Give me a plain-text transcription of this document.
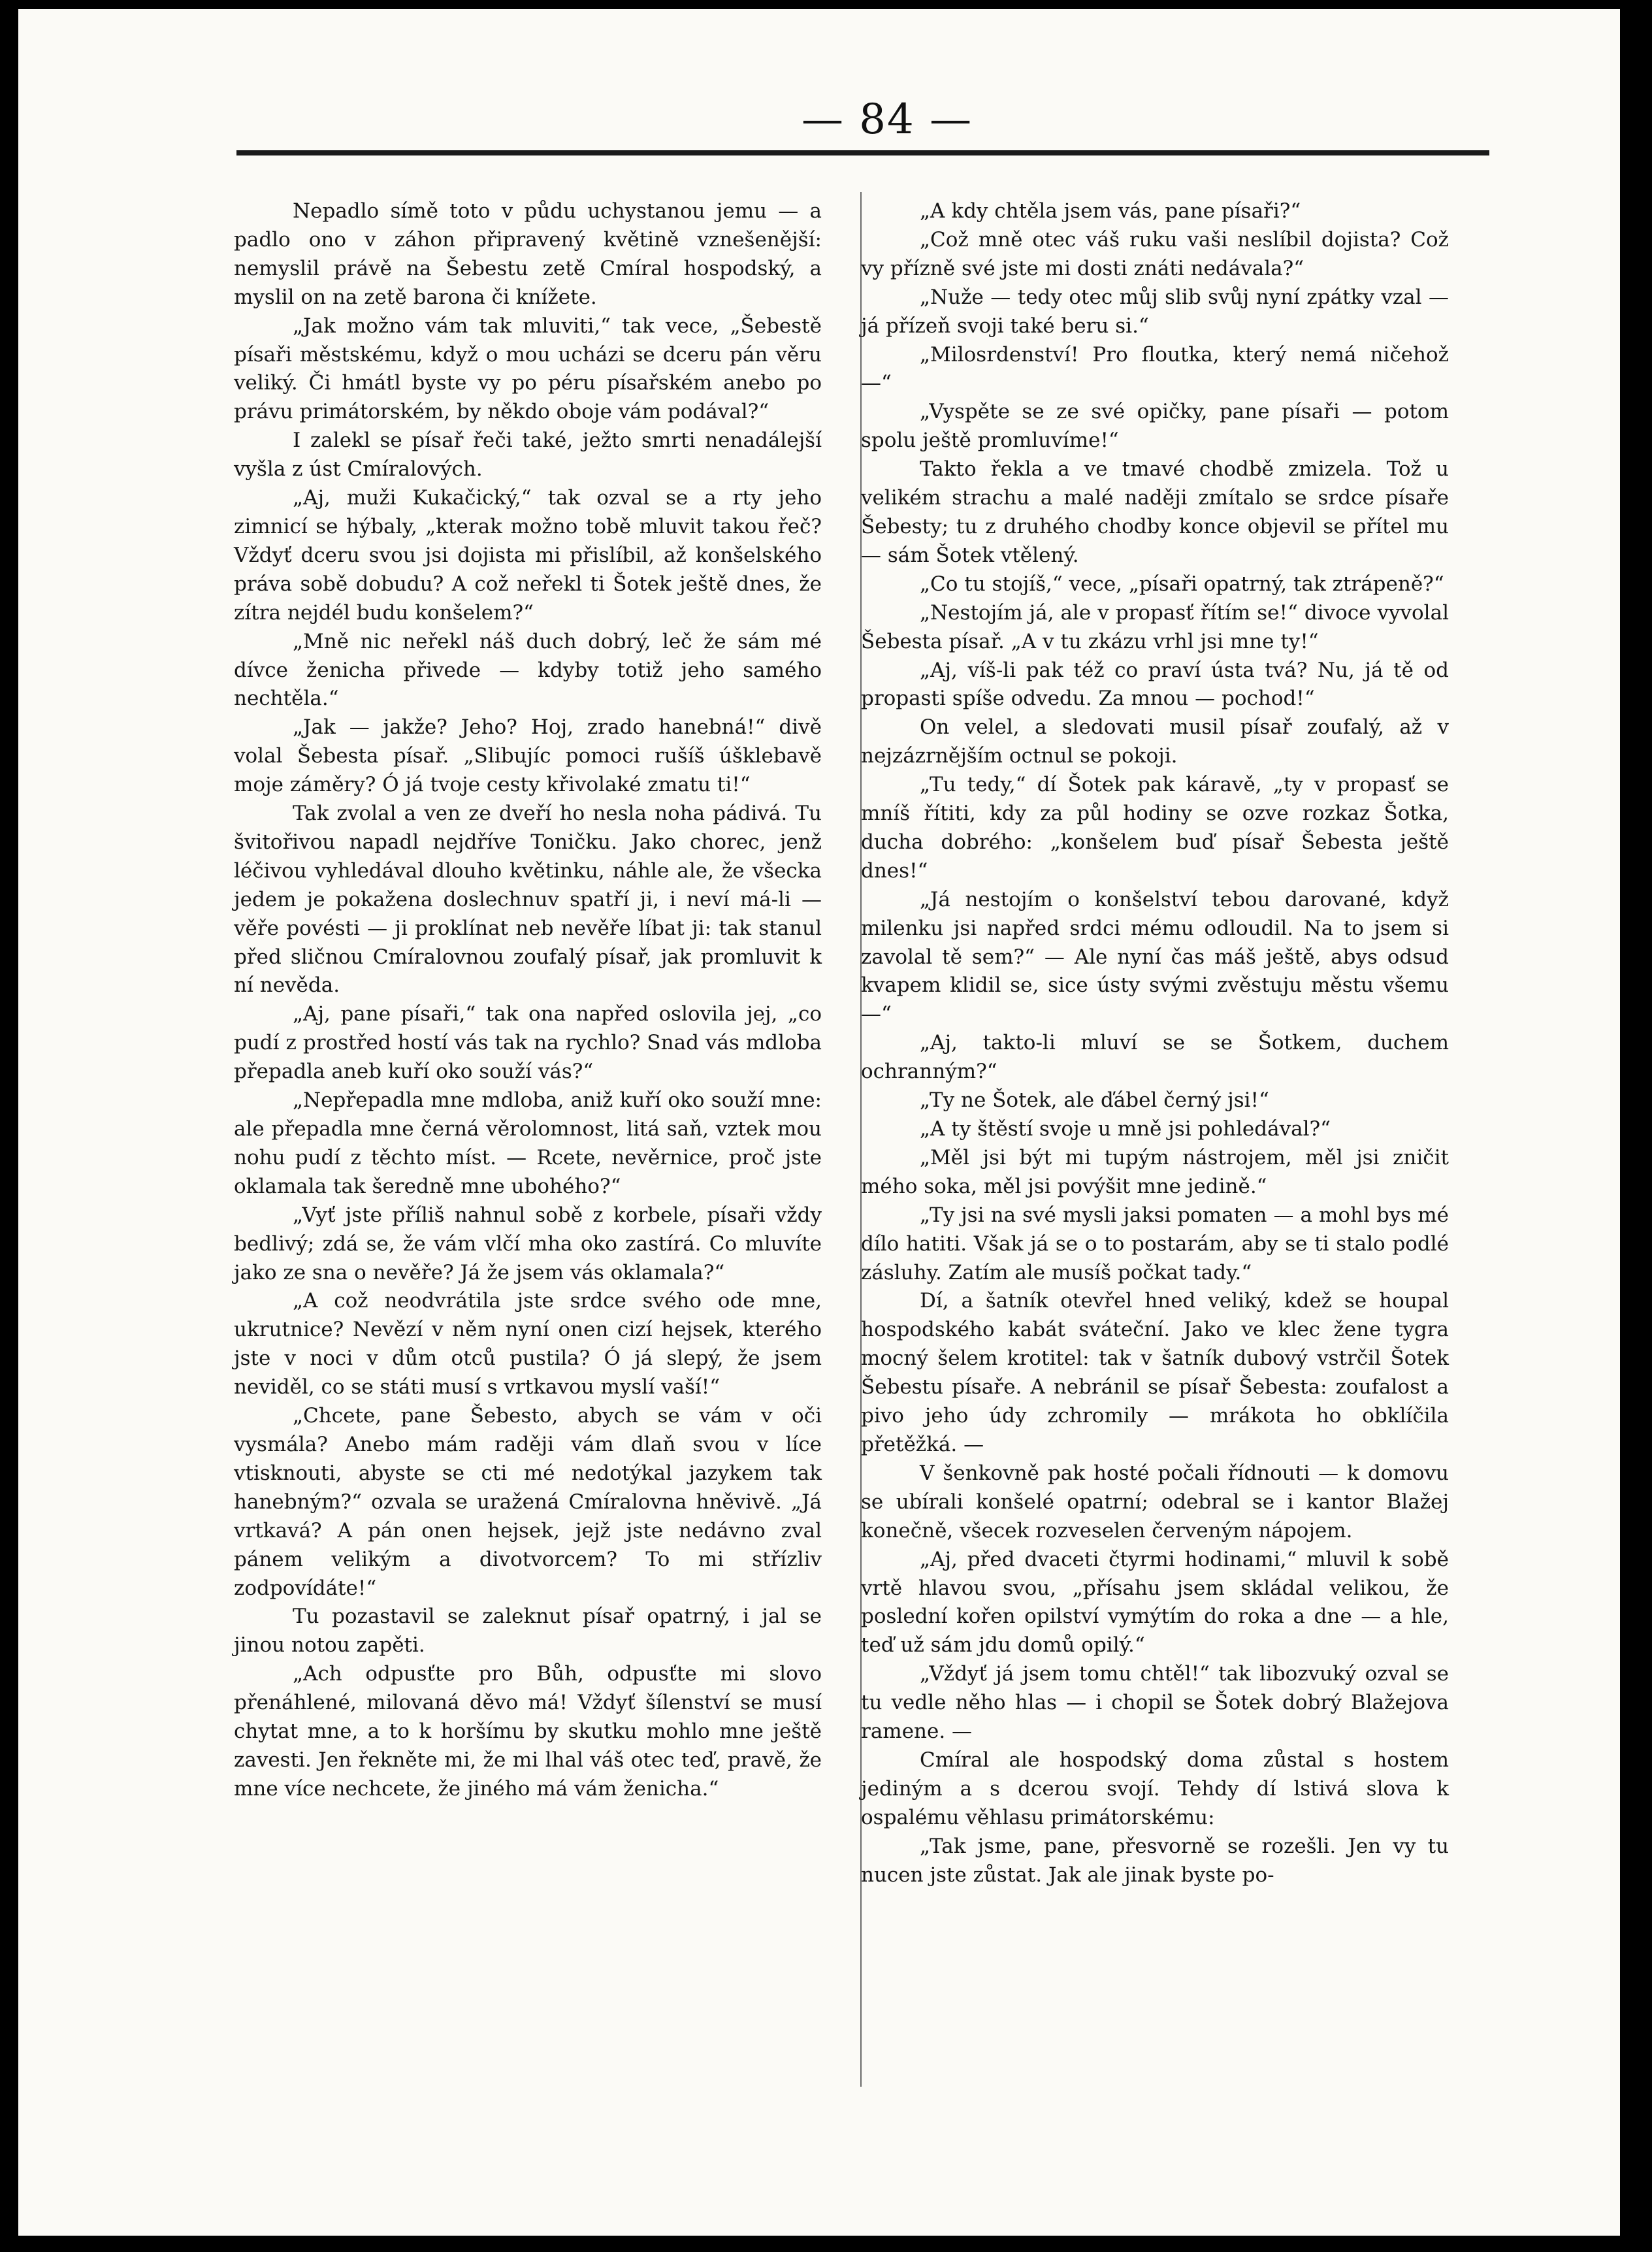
— 84 —

Nepadlo símě toto v půdu uchystanou jemu — a padlo ono v záhon připravený květině vznešenější: nemyslil právě na Šebestu zetě Cmíral hospodský, a myslil on na zetě barona či knížete.

„Jak možno vám tak mluviti,“ tak vece, „Šebestě písaři městskému, když o mou ucházi se dceru pán věru veliký. Či hmátl byste vy po péru písařském anebo po právu primátorském, by někdo oboje vám podával?“

I zalekl se písař řeči také, ježto smrti nenadálejší vyšla z úst Cmíralových.

„Aj, muži Kukačický,“ tak ozval se a rty jeho zimnicí se hýbaly, „kterak možno tobě mluvit takou řeč? Vždyť dceru svou jsi dojista mi přislíbil, až konšelského práva sobě dobudu? A což neřekl ti Šotek ještě dnes, že zítra nejdél budu konšelem?“

„Mně nic neřekl náš duch dobrý, leč že sám mé dívce ženicha přivede — kdyby totiž jeho samého nechtěla.“

„Jak — jakže? Jeho? Hoj, zrado hanebná!“ divě volal Šebesta písař. „Slibujíc pomoci rušíš úšklebavě moje záměry? Ó já tvoje cesty křivolaké zmatu ti!“

Tak zvolal a ven ze dveří ho nesla noha pádivá. Tu švitořivou napadl nejdříve Toničku. Jako chorec, jenž léčivou vyhledával dlouho květinku, náhle ale, že všecka jedem je pokažena doslechnuv spatří ji, i neví má-li — věře povésti — ji proklínat neb nevěře líbat ji: tak stanul před sličnou Cmíralovnou zoufalý písař, jak promluvit k ní nevěda.

„Aj, pane písaři,“ tak ona napřed oslovila jej, „co pudí z prostřed hostí vás tak na rychlo? Snad vás mdloba přepadla aneb kuří oko souží vás?“

„Nepřepadla mne mdloba, aniž kuří oko souží mne: ale přepadla mne černá věrolomnost, litá saň, vztek mou nohu pudí z těchto míst. — Rcete, nevěrnice, proč jste oklamala tak šeredně mne ubohého?“

„Vyť jste příliš nahnul sobě z korbele, písaři vždy bedlivý; zdá se, že vám vlčí mha oko zastírá. Co mluvíte jako ze sna o nevěře? Já že jsem vás oklamala?“

„A což neodvrátila jste srdce svého ode mne, ukrutnice? Nevězí v něm nyní onen cizí hejsek, kterého jste v noci v dům otců pustila? Ó já slepý, že jsem neviděl, co se státi musí s vrtkavou myslí vaší!“

„Chcete, pane Šebesto, abych se vám v oči vysmála? Anebo mám raději vám dlaň svou v líce vtisknouti, abyste se cti mé nedotýkal jazykem tak hanebným?“ ozvala se uražená Cmíralovna hněvivě. „Já vrtkavá? A pán onen hejsek, jejž jste nedávno zval pánem velikým a divotvorcem? To mi střízliv zodpovídáte!“

Tu pozastavil se zaleknut písař opatrný, i jal se jinou notou zapěti.

„Ach odpusťte pro Bůh, odpusťte mi slovo přenáhlené, milovaná děvo má! Vždyť šílenství se musí chytat mne, a to k horšímu by skutku mohlo mne ještě zavesti. Jen řekněte mi, že mi lhal váš otec teď, pravě, že mne více nechcete, že jiného má vám ženicha.“

„A kdy chtěla jsem vás, pane písaři?“

„Což mně otec váš ruku vaši neslíbil dojista? Což vy přízně své jste mi dosti znáti nedávala?“

„Nuže — tedy otec můj slib svůj nyní zpátky vzal — já přízeň svoji také beru si.“

„Milosrdenství! Pro floutka, který nemá ničehož —“

„Vyspěte se ze své opičky, pane písaři — potom spolu ještě promluvíme!“

Takto řekla a ve tmavé chodbě zmizela. Tož u velikém strachu a malé naději zmítalo se srdce písaře Šebesty; tu z druhého chodby konce objevil se přítel mu — sám Šotek vtělený.

„Co tu stojíš,“ vece, „písaři opatrný, tak ztrápeně?“

„Nestojím já, ale v propasť řítím se!“ divoce vyvolal Šebesta písař. „A v tu zkázu vrhl jsi mne ty!“

„Aj, víš-li pak též co praví ústa tvá? Nu, já tě od propasti spíše odvedu. Za mnou — pochod!“

On velel, a sledovati musil písař zoufalý, až v nejzázrnějším octnul se pokoji.

„Tu tedy,“ dí Šotek pak káravě, „ty v propasť se mníš řítiti, kdy za půl hodiny se ozve rozkaz Šotka, ducha dobrého: „konšelem buď písař Šebesta ještě dnes!“

„Já nestojím o konšelství tebou darované, když milenku jsi napřed srdci mému odloudil. Na to jsem si zavolal tě sem?“ — Ale nyní čas máš ještě, abys odsud kvapem klidil se, sice ústy svými zvěstuju městu všemu —“

„Aj, takto-li mluví se se Šotkem, duchem ochranným?“

„Ty ne Šotek, ale ďábel černý jsi!“

„A ty štěstí svoje u mně jsi pohledával?“

„Měl jsi být mi tupým nástrojem, měl jsi zničit mého soka, měl jsi povýšit mne jedině.“

„Ty jsi na své mysli jaksi pomaten — a mohl bys mé dílo hatiti. Však já se o to postarám, aby se ti stalo podlé zásluhy. Zatím ale musíš počkat tady.“

Dí, a šatník otevřel hned veliký, kdež se houpal hospodského kabát sváteční. Jako ve klec žene tygra mocný šelem krotitel: tak v šatník dubový vstrčil Šotek Šebestu písaře. A nebránil se písař Šebesta: zoufalost a pivo jeho údy zchromily — mrákota ho obklíčila přetěžká. —

V šenkovně pak hosté počali řídnouti — k domovu se ubírali konšelé opatrní; odebral se i kantor Blažej konečně, všecek rozveselen červeným nápojem.

„Aj, před dvaceti čtyrmi hodinami,“ mluvil k sobě vrtě hlavou svou, „přísahu jsem skládal velikou, že poslední kořen opilství vymýtím do roka a dne — a hle, teď už sám jdu domů opilý.“

„Vždyť já jsem tomu chtěl!“ tak libozvuký ozval se tu vedle něho hlas — i chopil se Šotek dobrý Blažejova ramene. —

Cmíral ale hospodský doma zůstal s hostem jediným a s dcerou svojí. Tehdy dí lstivá slova k ospalému věhlasu primátorskému:

„Tak jsme, pane, přesvorně se rozešli. Jen vy tu nucen jste zůstat. Jak ale jinak byste po-
